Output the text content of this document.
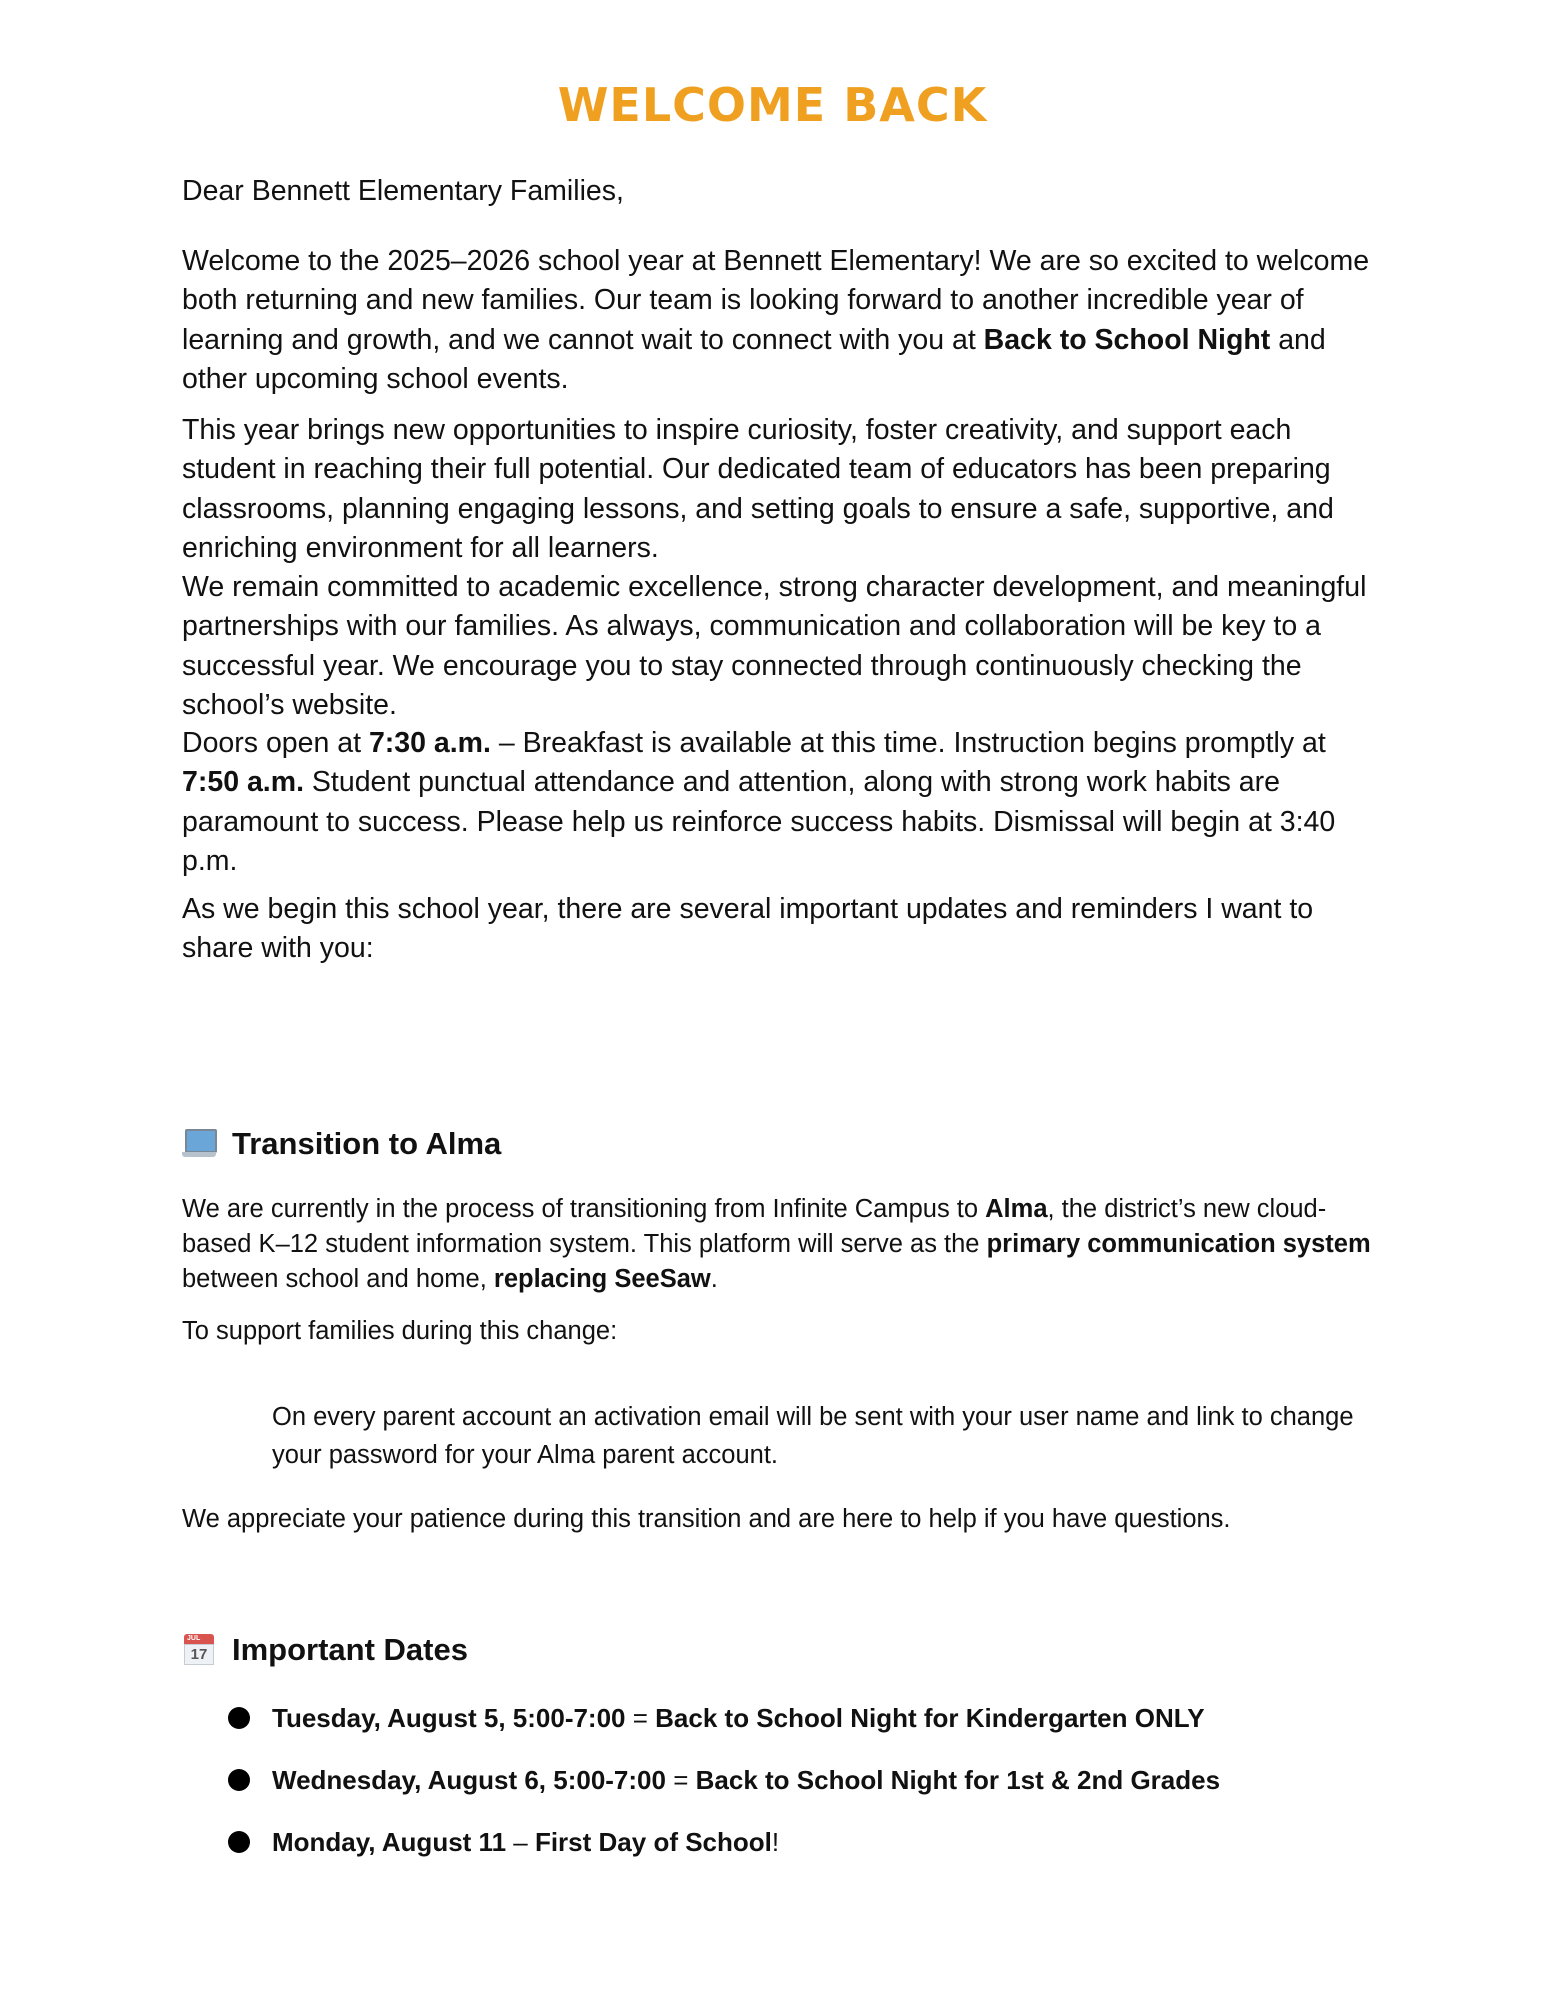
WELCOME BACK

Dear Bennett Elementary Families,

Welcome to the 2025–2026 school year at Bennett Elementary! We are so excited to welcome both returning and new families. Our team is looking forward to another incredible year of learning and growth, and we cannot wait to connect with you at Back to School Night and other upcoming school events.

This year brings new opportunities to inspire curiosity, foster creativity, and support each student in reaching their full potential. Our dedicated team of educators has been preparing classrooms, planning engaging lessons, and setting goals to ensure a safe, supportive, and enriching environment for all learners.

We remain committed to academic excellence, strong character development, and meaningful partnerships with our families. As always, communication and collaboration will be key to a successful year. We encourage you to stay connected through continuously checking the school’s website.

Doors open at 7:30 a.m. – Breakfast is available at this time. Instruction begins promptly at 7:50 a.m. Student punctual attendance and attention, along with strong work habits are paramount to success. Please help us reinforce success habits. Dismissal will begin at 3:40 p.m.

As we begin this school year, there are several important updates and reminders I want to share with you:

Transition to Alma

We are currently in the process of transitioning from Infinite Campus to Alma, the district’s new cloud-based K–12 student information system. This platform will serve as the primary communication system between school and home, replacing SeeSaw.

To support families during this change:

On every parent account an activation email will be sent with your user name and link to change your password for your Alma parent account.

We appreciate your patience during this transition and are here to help if you have questions.

JUL
17 Important Dates
Tuesday, August 5, 5:00-7:00 = Back to School Night for Kindergarten ONLY
Wednesday, August 6, 5:00-7:00 = Back to School Night for 1st & 2nd Grades
Monday, August 11 – First Day of School!
